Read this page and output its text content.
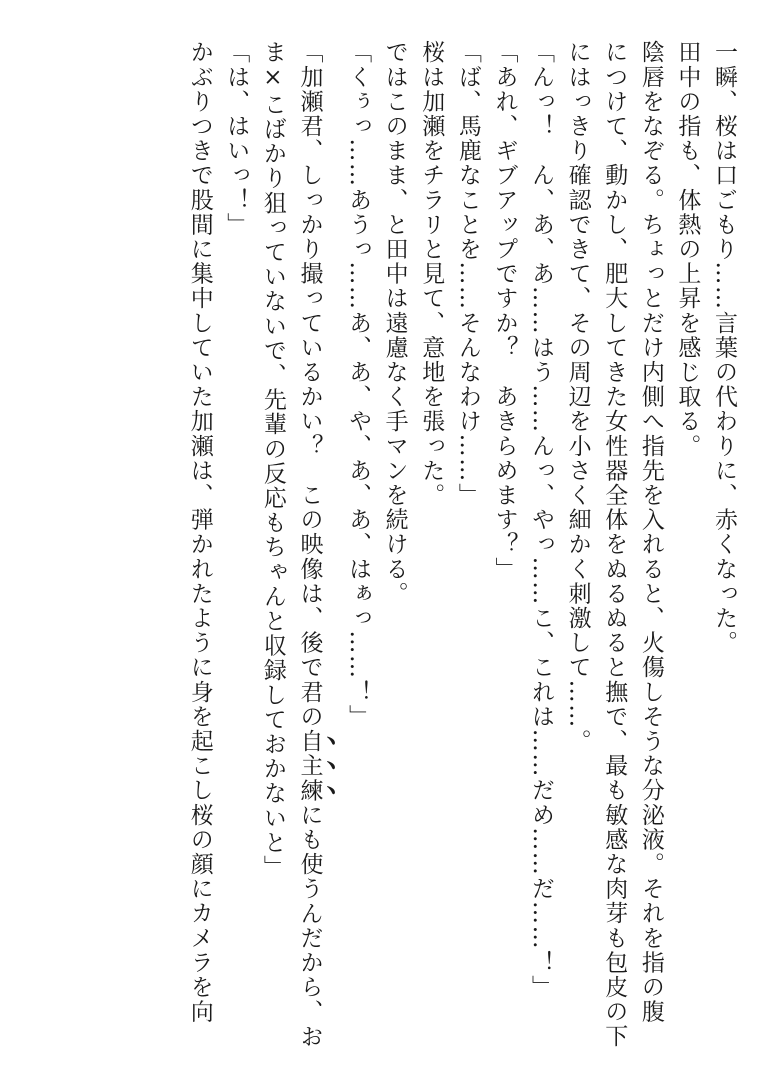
一瞬、桜は口ごもり……言葉の代わりに、赤くなった。
田中の指も、体熱の上昇を感じ取る。
陰唇をなぞる。ちょっとだけ内側へ指先を入れると、火傷しそうな分泌液。それを指の腹
につけて、動かし、肥大してきた女性器全体をぬるぬると撫で、最も敏感な肉芽も包皮の下
にはっきり確認できて、その周辺を小さく細かく刺激して……。
「んっ！　ん、あ、あ……はう……んっ、やっ……こ、これは……だめ……だ……！」
「あれ、ギブアップですか？　あきらめます？」
「ば、馬鹿なことを……そんなわけ……」
桜は加瀬をチラリと見て、意地を張った。
ではこのまま、と田中は遠慮なく手マンを続ける。
「くぅっ……あうっ……あ、あ、や、あ、あ、はぁっ……！」
「加瀬君、しっかり撮っているかい？　この映像は、後で君の自主練にも使うんだから、お
ま×こばかり狙っていないで、先輩の反応もちゃんと収録しておかないと」
「は、はいっ！」
かぶりつきで股間に集中していた加瀬は、弾かれたように身を起こし桜の顔にカメラを向
